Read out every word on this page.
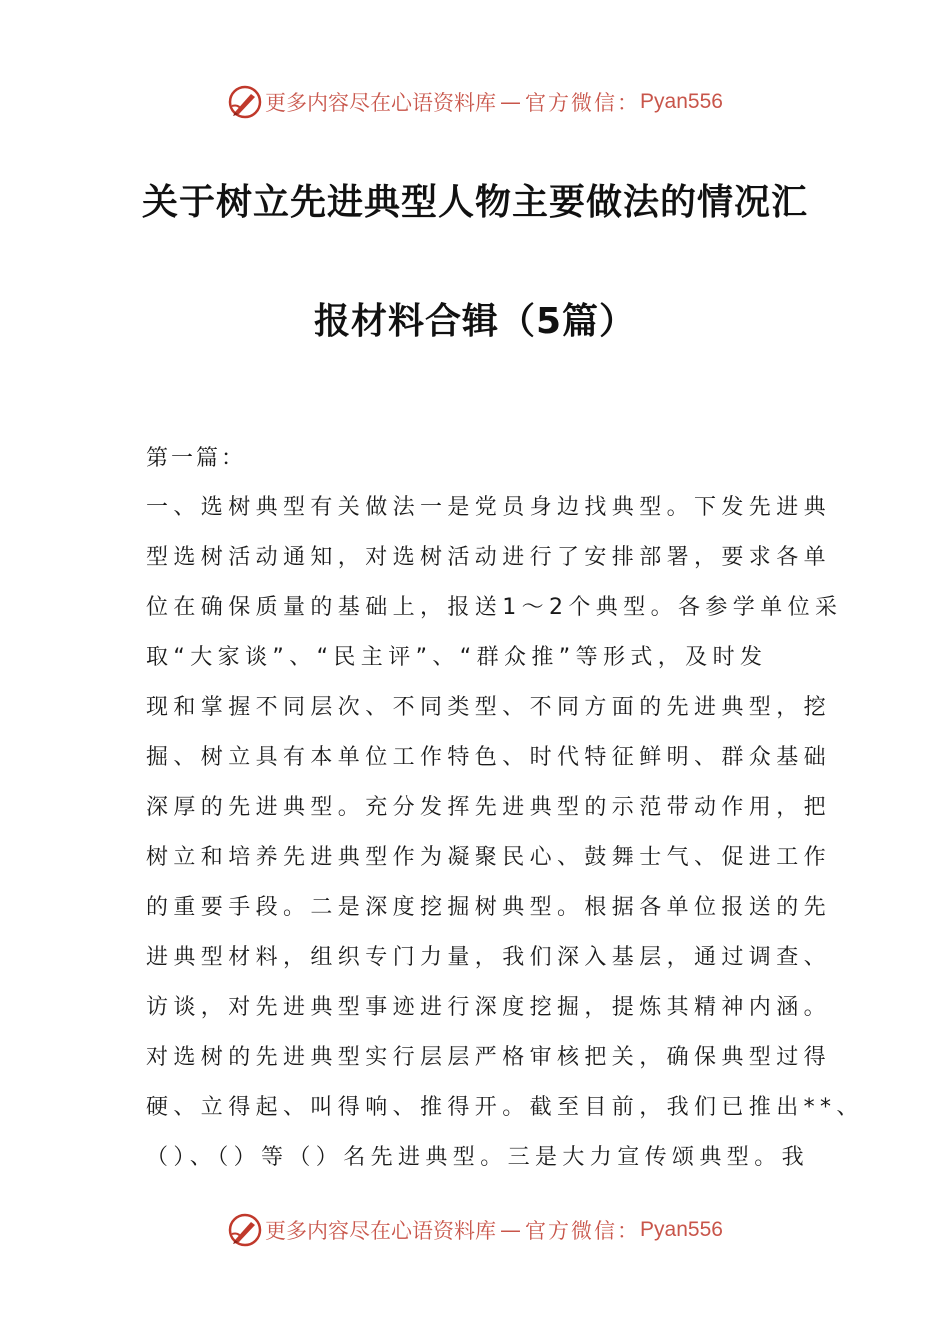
更多内容尽在心语资料库 — 官方微信： Pyan556
关于树立先进典型人物主要做法的情况汇
报材料合辑（5篇）
第一篇：
一、选树典型有关做法一是党员身边找典型。下发先进典
型选树活动通知，对选树活动进行了安排部署，要求各单
位在确保质量的基础上，报送1～2个典型。各参学单位采
取“大家谈”、“民主评”、“群众推”等形式，及时发
现和掌握不同层次、不同类型、不同方面的先进典型，挖
掘、树立具有本单位工作特色、时代特征鲜明、群众基础
深厚的先进典型。充分发挥先进典型的示范带动作用，把
树立和培养先进典型作为凝聚民心、鼓舞士气、促进工作
的重要手段。二是深度挖掘树典型。根据各单位报送的先
进典型材料，组织专门力量，我们深入基层，通过调查、
访谈，对先进典型事迹进行深度挖掘，提炼其精神内涵。
对选树的先进典型实行层层严格审核把关，确保典型过得
硬、立得起、叫得响、推得开。截至目前，我们已推出**、
（）、（）等（）名先进典型。三是大力宣传颂典型。我
更多内容尽在心语资料库 — 官方微信： Pyan556
